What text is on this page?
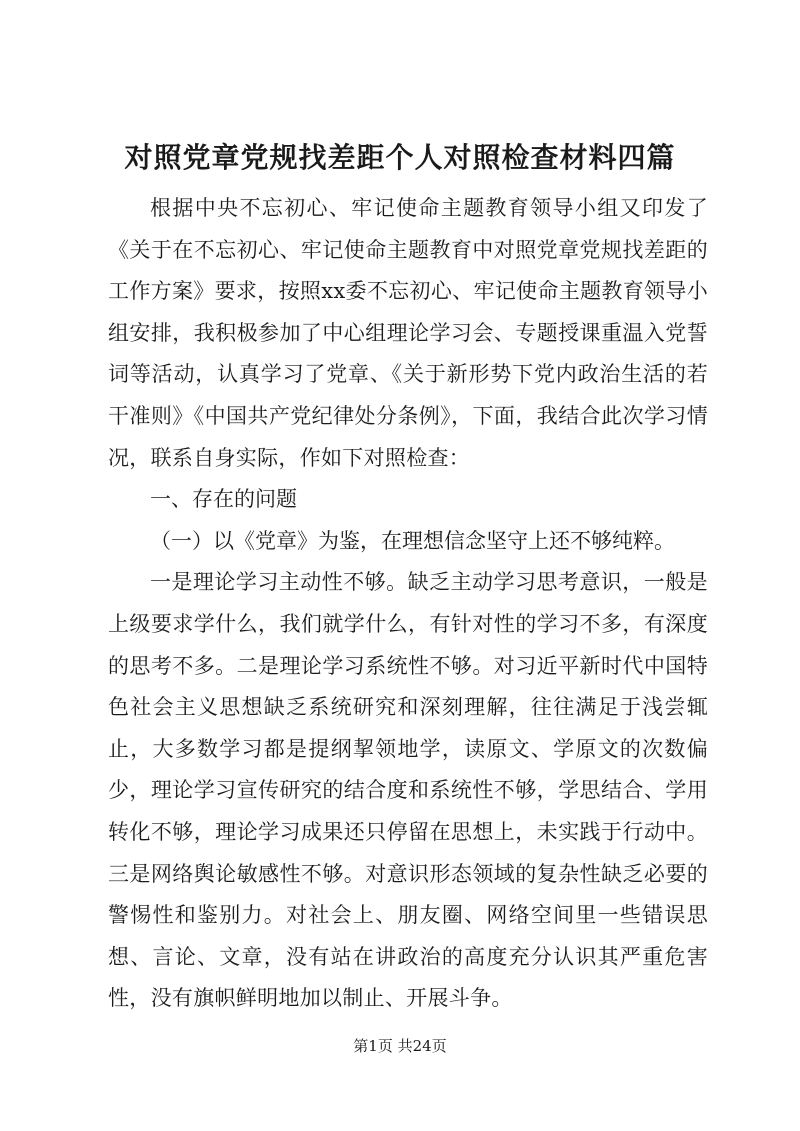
对照党章党规找差距个人对照检查材料四篇

根据中央不忘初心、牢记使命主题教育领导小组又印发了《关于在不忘初心、牢记使命主题教育中对照党章党规找差距的工作方案》要求，按照xx委不忘初心、牢记使命主题教育领导小组安排，我积极参加了中心组理论学习会、专题授课重温入党誓词等活动，认真学习了党章、《关于新形势下党内政治生活的若干准则》《中国共产党纪律处分条例》，下面，我结合此次学习情况，联系自身实际，作如下对照检查：

一、存在的问题

（一）以《党章》为鉴，在理想信念坚守上还不够纯粹。

一是理论学习主动性不够。缺乏主动学习思考意识，一般是上级要求学什么，我们就学什么，有针对性的学习不多，有深度的思考不多。二是理论学习系统性不够。对习近平新时代中国特色社会主义思想缺乏系统研究和深刻理解，往往满足于浅尝辄止，大多数学习都是提纲挈领地学，读原文、学原文的次数偏少，理论学习宣传研究的结合度和系统性不够，学思结合、学用转化不够，理论学习成果还只停留在思想上，未实践于行动中。三是网络舆论敏感性不够。对意识形态领域的复杂性缺乏必要的警惕性和鉴别力。对社会上、朋友圈、网络空间里一些错误思想、言论、文章，没有站在讲政治的高度充分认识其严重危害性，没有旗帜鲜明地加以制止、开展斗争。

第1页 共24页
